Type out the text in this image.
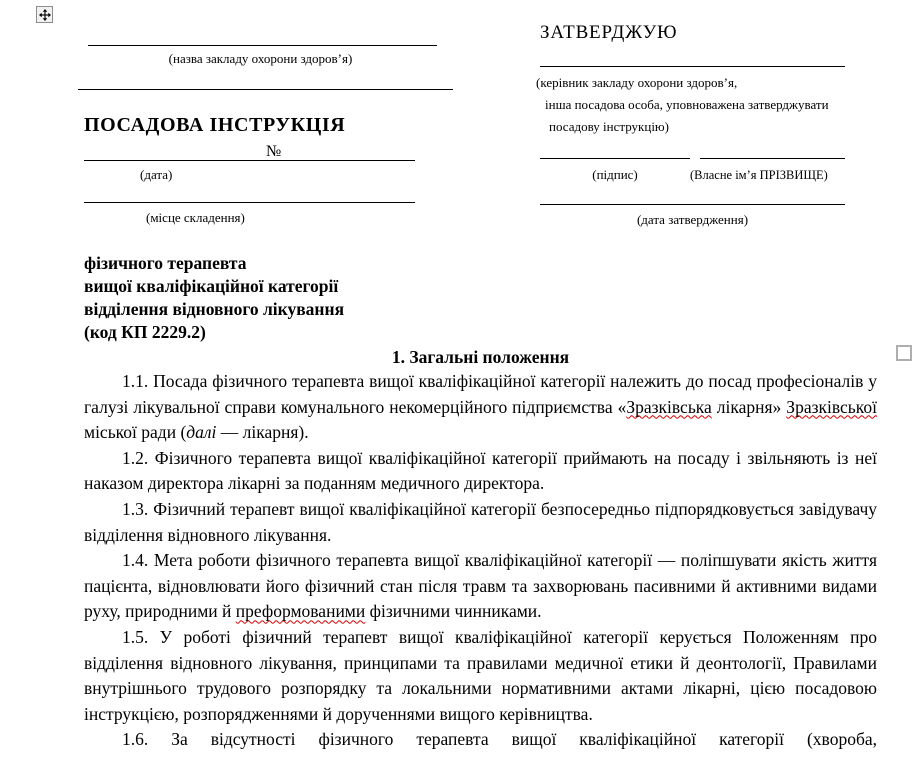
(назва закладу охорони здоров’я)
ПОСАДОВА ІНСТРУКЦІЯ
№
(дата)
(місце складення)
ЗАТВЕРДЖУЮ
(керівник закладу охорони здоров’я,
інша посадова особа, уповноважена затверджувати
посадову інструкцію)
(підпис)	(Власне ім’я ПРІЗВИЩЕ)
(дата затвердження)
фізичного терапевта
вищої кваліфікаційної категорії
відділення відновного лікування
(код КП 2229.2)
1. Загальні положення

1.1. Посада фізичного терапевта вищої кваліфікаційної категорії належить до посад професіоналів у галузі лікувальної справи комунального некомерційного підприємства «Зразківська лікарня» Зразківської міської ради (далі — лікарня).

1.2. Фізичного терапевта вищої кваліфікаційної категорії приймають на посаду і звільняють із неї наказом директора лікарні за поданням медичного директора.

1.3. Фізичний терапевт вищої кваліфікаційної категорії безпосередньо підпорядковується завідувачу відділення відновного лікування.

1.4. Мета роботи фізичного терапевта вищої кваліфікаційної категорії — поліпшувати якість життя пацієнта, відновлювати його фізичний стан після травм та захворювань пасивними й активними видами руху, природними й преформованими фізичними чинниками.

1.5. У роботі фізичний терапевт вищої кваліфікаційної категорії керується Положенням про відділення відновного лікування, принципами та правилами медичної етики й деонтології, Правилами внутрішнього трудового розпорядку та локальними нормативними актами лікарні, цією посадовою інструкцією, розпорядженнями й дорученнями вищого керівництва.

1.6. За відсутності фізичного терапевта вищої кваліфікаційної категорії (хвороба,
